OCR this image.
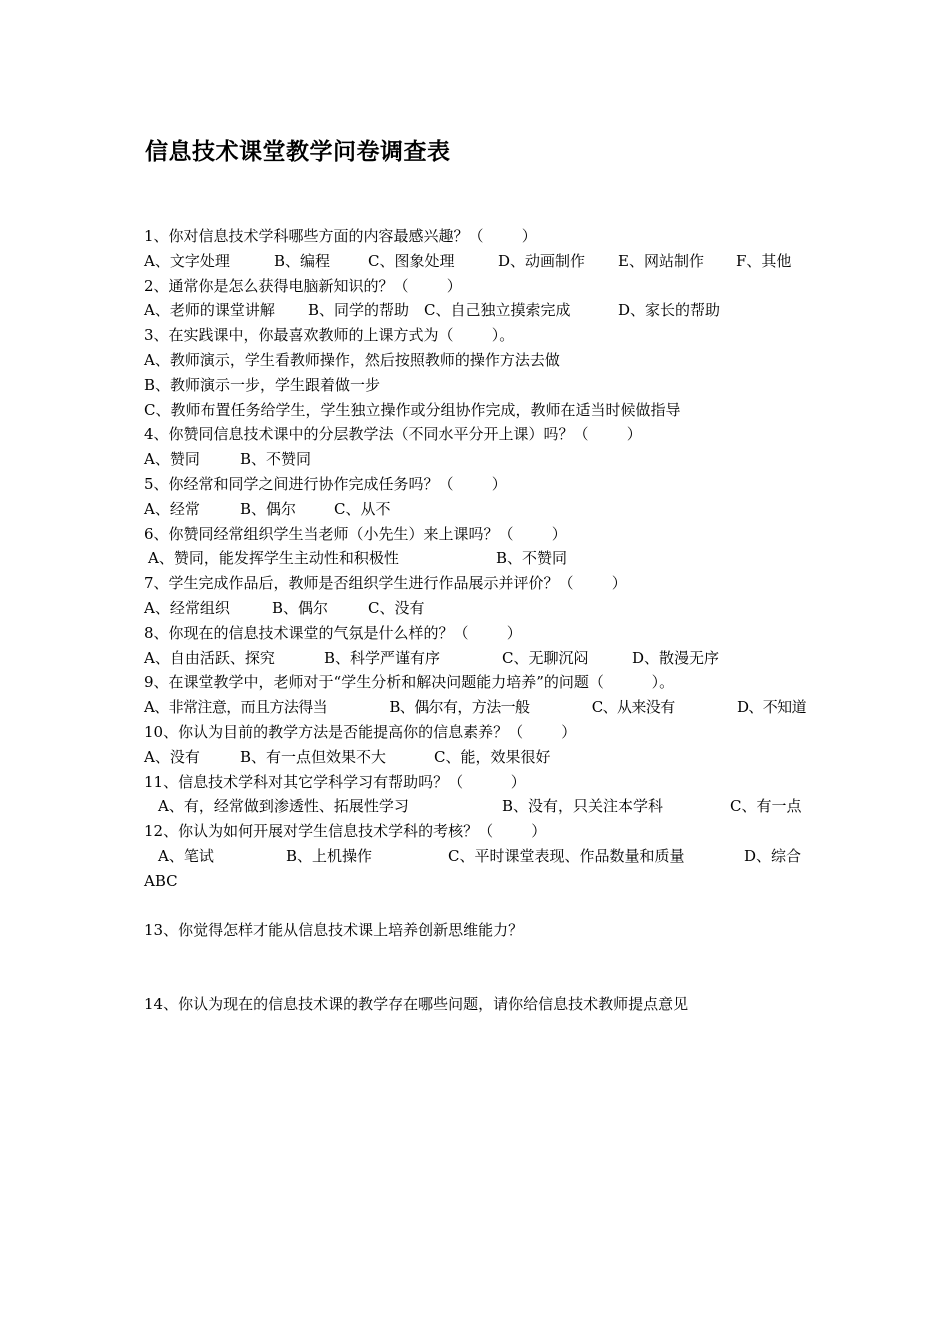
信息技术课堂教学问卷调查表
1、你对信息技术学科哪些方面的内容最感兴趣？（        ）
A、文字处理	B、编程	C、图象处理	D、动画制作	E、网站制作	F、其他
2、通常你是怎么获得电脑新知识的？（        ）
A、老师的课堂讲解	B、同学的帮助 C、自己独立摸索完成	D、家长的帮助
3、在实践课中，你最喜欢教师的上课方式为（        ）。
A、教师演示，学生看教师操作，然后按照教师的操作方法去做
B、教师演示一步，学生跟着做一步
C、教师布置任务给学生，学生独立操作或分组协作完成，教师在适当时候做指导
4、你赞同信息技术课中的分层教学法（不同水平分开上课）吗？（        ）
A、赞同	B、不赞同
5、你经常和同学之间进行协作完成任务吗？（        ）
A、经常	B、偶尔	C、从不
6、你赞同经常组织学生当老师（小先生）来上课吗？（        ）
A、赞同，能发挥学生主动性和积极性	B、不赞同
7、学生完成作品后，教师是否组织学生进行作品展示并评价？（        ）
A、经常组织	B、偶尔	C、没有
8、你现在的信息技术课堂的气氛是什么样的？（        ）
A、自由活跃、探究	B、科学严谨有序	C、无聊沉闷	D、散漫无序
9、在课堂教学中，老师对于“学生分析和解决问题能力培养”的问题（          ）。
A、非常注意，而且方法得当	B、偶尔有，方法一般	C、从来没有	D、不知道
10、你认为目前的教学方法是否能提高你的信息素养？（        ）
A、没有	B、有一点但效果不大	C、能，效果很好
11、信息技术学科对其它学科学习有帮助吗？（          ）
A、有，经常做到渗透性、拓展性学习	B、没有，只关注本学科	C、有一点
12、你认为如何开展对学生信息技术学科的考核？（        ）
A、笔试	B、上机操作	C、平时课堂表现、作品数量和质量	D、综合
ABC
13、你觉得怎样才能从信息技术课上培养创新思维能力？
14、你认为现在的信息技术课的教学存在哪些问题，请你给信息技术教师提点意见
